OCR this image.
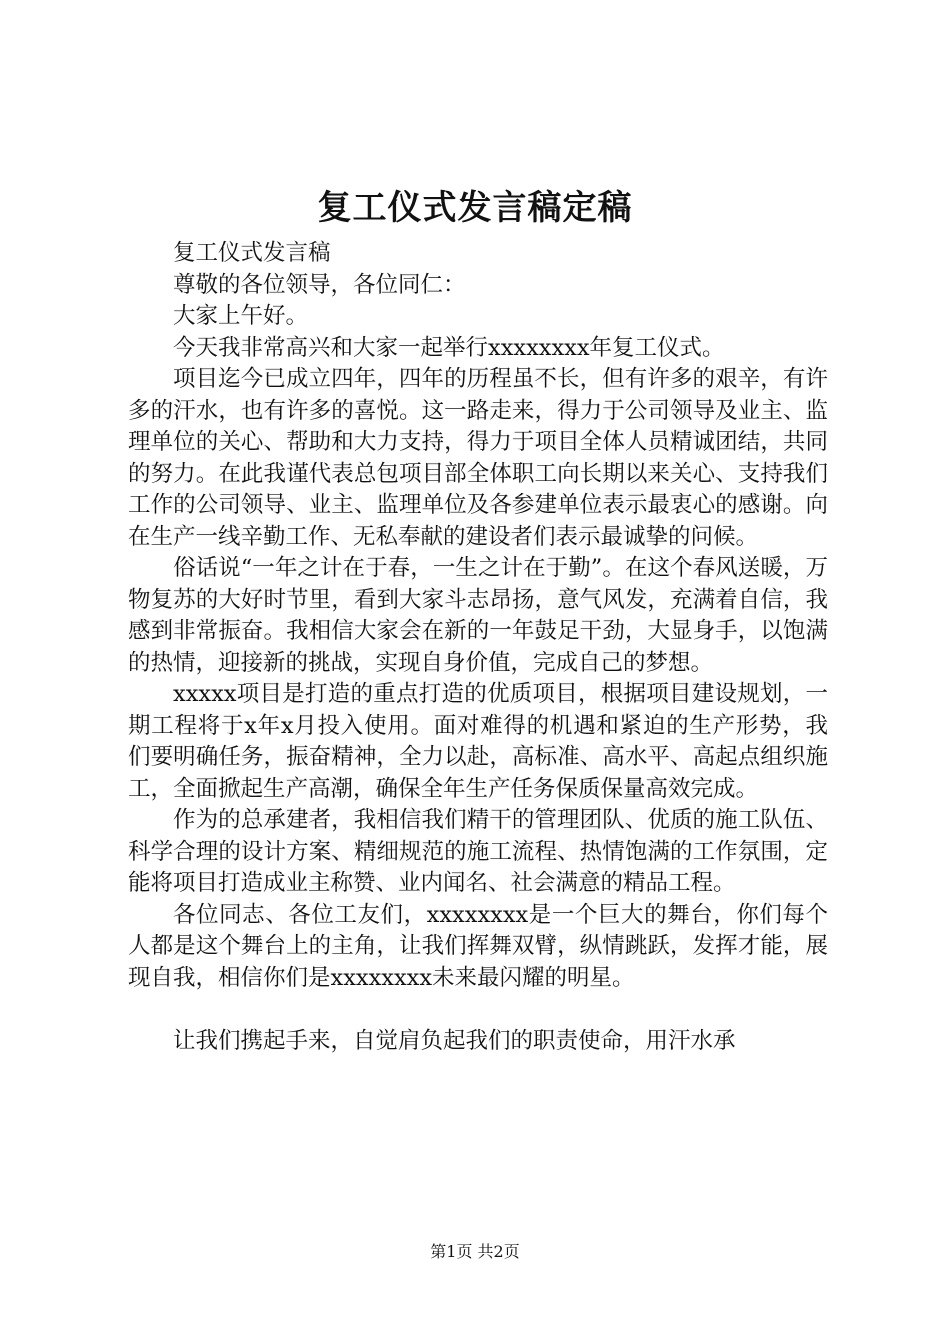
复工仪式发言稿定稿

复工仪式发言稿

尊敬的各位领导，各位同仁：

大家上午好。

今天我非常高兴和大家一起举行xxxxxxxx年复工仪式。

项目迄今已成立四年，四年的历程虽不长，但有许多的艰辛，有许多的汗水，也有许多的喜悦。这一路走来，得力于公司领导及业主、监理单位的关心、帮助和大力支持，得力于项目全体人员精诚团结，共同的努力。在此我谨代表总包项目部全体职工向长期以来关心、支持我们工作的公司领导、业主、监理单位及各参建单位表示最衷心的感谢。向在生产一线辛勤工作、无私奉献的建设者们表示最诚挚的问候。

俗话说“一年之计在于春，一生之计在于勤”。在这个春风送暖，万物复苏的大好时节里，看到大家斗志昂扬，意气风发，充满着自信，我感到非常振奋。我相信大家会在新的一年鼓足干劲，大显身手，以饱满的热情，迎接新的挑战，实现自身价值，完成自己的梦想。

xxxxx项目是打造的重点打造的优质项目，根据项目建设规划，一期工程将于x年x月投入使用。面对难得的机遇和紧迫的生产形势，我们要明确任务，振奋精神，全力以赴，高标准、高水平、高起点组织施工，全面掀起生产高潮，确保全年生产任务保质保量高效完成。

作为的总承建者，我相信我们精干的管理团队、优质的施工队伍、科学合理的设计方案、精细规范的施工流程、热情饱满的工作氛围，定能将项目打造成业主称赞、业内闻名、社会满意的精品工程。

各位同志、各位工友们，xxxxxxxx是一个巨大的舞台，你们每个人都是这个舞台上的主角，让我们挥舞双臂，纵情跳跃，发挥才能，展现自我，相信你们是xxxxxxxx未来最闪耀的明星。

让我们携起手来，自觉肩负起我们的职责使命，用汗水承

第1页 共2页
